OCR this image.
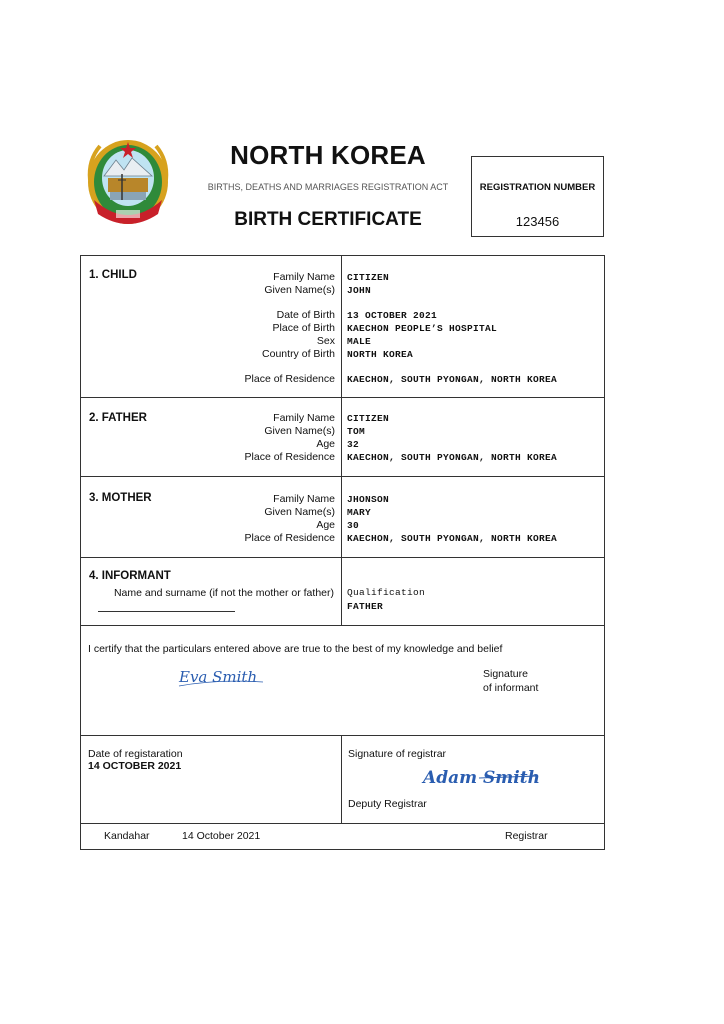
NORTH KOREA
BIRTHS, DEATHS AND MARRIAGES REGISTRATION ACT
BIRTH CERTIFICATE
REGISTRATION NUMBER
123456
1. CHILD	Family Name CITIZEN
Given Name(s) JOHN
Date of Birth 13 OCTOBER 2021
Place of Birth KAECHON PEOPLE’S HOSPITAL
Sex MALE
Country of Birth NORTH KOREA
Place of Residence KAECHON, SOUTH PYONGAN, NORTH KOREA
2. FATHER	Family Name CITIZEN
Given Name(s) TOM
Age 32
Place of Residence KAECHON, SOUTH PYONGAN, NORTH KOREA
3. MOTHER	Family Name JHONSON
Given Name(s) MARY
Age 30
Place of Residence KAECHON, SOUTH PYONGAN, NORTH KOREA
4. INFORMANT
Name and surname (if not the mother or father) Qualification
FATHER
I certify that the particulars entered above are true to the best of my knowledge and belief
Eva Smith	Signature
of informant
Date of registaration
14 OCTOBER 2021
Signature of registrar
Adam Smith
Deputy Registrar
Kandahar	14 October 2021	Registrar
